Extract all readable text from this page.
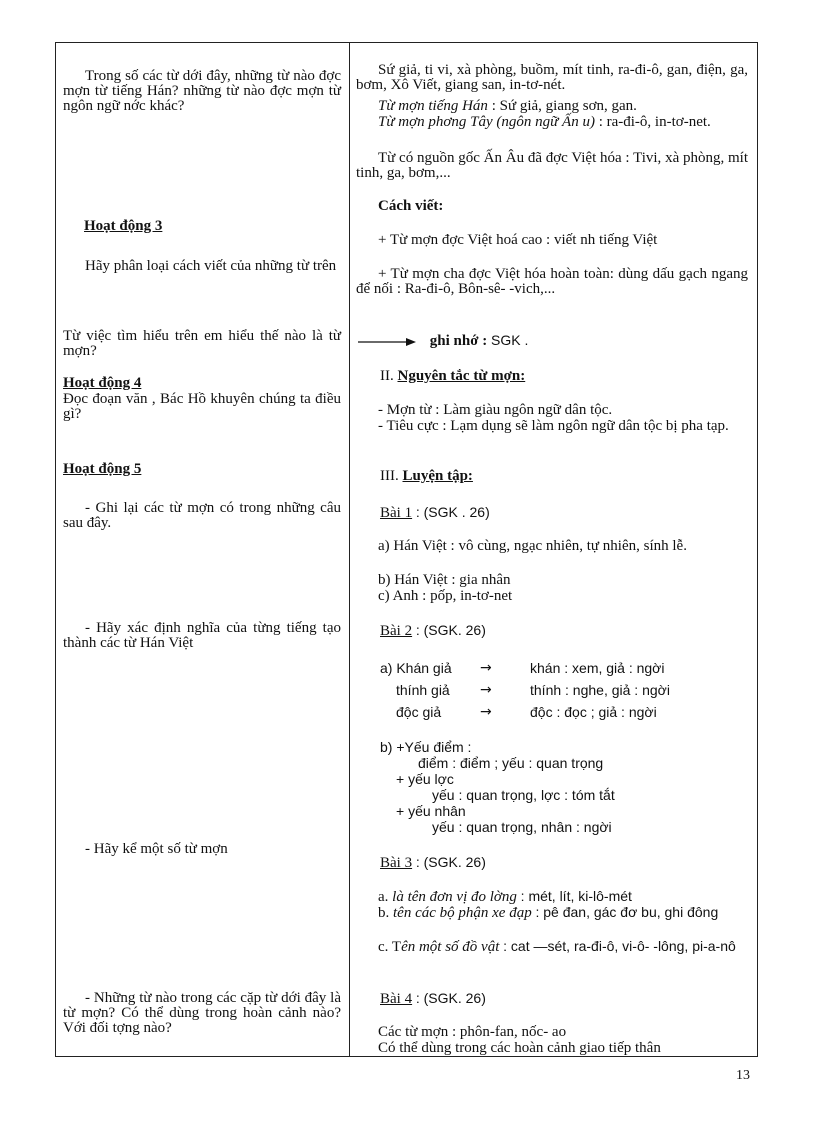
Trong số các từ dới đây, những từ nào đợc mợn từ tiếng Hán? những từ nào đợc mợn từ ngôn ngữ nớc khác?
Hoạt động 3
Hãy phân loại cách viết của những từ trên
Từ việc tìm hiểu trên em hiểu thế nào là từ mợn?
Hoạt động 4
Đọc đoạn văn , Bác Hồ khuyên chúng ta điều gì?
Hoạt động 5
- Ghi lại các từ mợn có trong những câu sau đây.
- Hãy xác định nghĩa của từng tiếng tạo thành các từ Hán Việt
- Hãy kể một số từ mợn
- Những từ nào trong các cặp từ dới đây là từ mợn? Có thể dùng trong hoàn cảnh nào? Với đối tợng nào?
Sứ giả, ti vi, xà phòng, buồm, mít tinh, ra-đi-ô, gan, điện, ga, bơm, Xô Viết, giang san, in-tơ-nét.
Từ mợn tiếng Hán : Sứ giả, giang sơn, gan.
Từ mợn phơng Tây (ngôn ngữ Ấn u) : ra-đi-ô, in-tơ-net.
Từ có nguồn gốc Ấn Âu đã đợc Việt hóa : Tivi, xà phòng, mít tinh, ga, bơm,...
Cách viết:
+ Từ mợn đợc Việt hoá cao : viết nh tiếng Việt
+ Từ mợn cha đợc Việt hóa hoàn toàn: dùng dấu gạch ngang để nối : Ra-đi-ô, Bôn-sê- -vich,...
ghi nhớ : SGK .
II. Nguyên tắc từ mợn:
- Mợn từ : Làm giàu ngôn ngữ dân tộc.
- Tiêu cực : Lạm dụng sẽ làm ngôn ngữ dân tộc bị pha tạp.
III. Luyện tập:
Bài 1 : (SGK . 26)
a) Hán Việt : vô cùng, ngạc nhiên, tự nhiên, sính lễ.
b) Hán Việt : gia nhân
c) Anh : pốp, in-tơ-net
Bài 2 : (SGK. 26)
a) Khán giả	→	khán : xem, giả : ngời
thính giả	→	thính : nghe, giả : ngời
độc giả	→	độc : đọc ; giả : ngời
b) +Yếu điểm :
điểm : điểm ; yếu : quan trọng
+ yếu lợc
yếu : quan trọng, lợc : tóm tắt
+ yếu nhân
yếu : quan trọng, nhân : ngời
Bài 3 : (SGK. 26)
a. là tên đơn vị đo lờng : mét, lít, ki-lô-mét
b. tên các bộ phận xe đạp : pê đan, gác đơ bu, ghi đông
c. Tên một số đồ vật : cat —sét, ra-đi-ô, vi-ô- -lông, pi-a-nô
Bài 4 : (SGK. 26)
Các từ mợn : phôn-fan, nốc- ao
Có thể dùng trong các hoàn cảnh giao tiếp thân
13
